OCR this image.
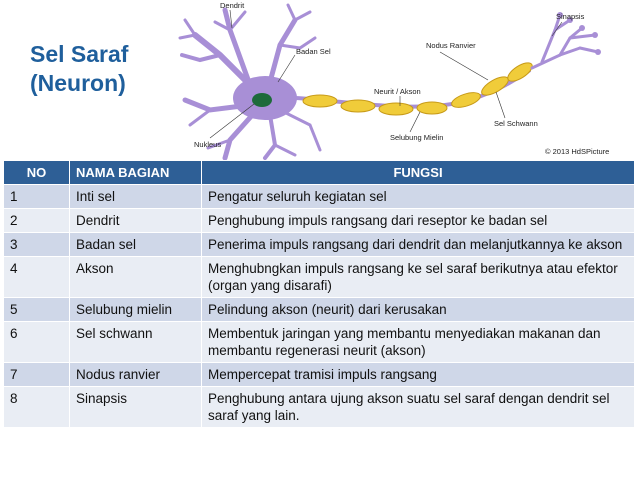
Sel Saraf
(Neuron)
Dendrit
Badan Sel
Nodus Ranvier
Sinapsis
Neurit / Akson
Sel Schwann
Selubung Mielin
Nukleus
© 2013 HdSPicture
NO	NAMA BAGIAN	FUNGSI
1	Inti sel	Pengatur seluruh kegiatan sel
2	Dendrit	Penghubung impuls rangsang dari reseptor ke badan sel
3	Badan sel	Penerima impuls rangsang dari dendrit dan melanjutkannya ke akson
4	Akson	Menghubngkan impuls rangsang ke sel saraf berikutnya atau efektor (organ yang disarafi)
5	Selubung mielin	Pelindung akson (neurit) dari kerusakan
6	Sel schwann	Membentuk jaringan yang membantu menyediakan makanan dan membantu regenerasi neurit (akson)
7	Nodus ranvier	Mempercepat tramisi impuls rangsang
8	Sinapsis	Penghubung antara ujung akson suatu sel saraf dengan dendrit sel saraf yang lain.
